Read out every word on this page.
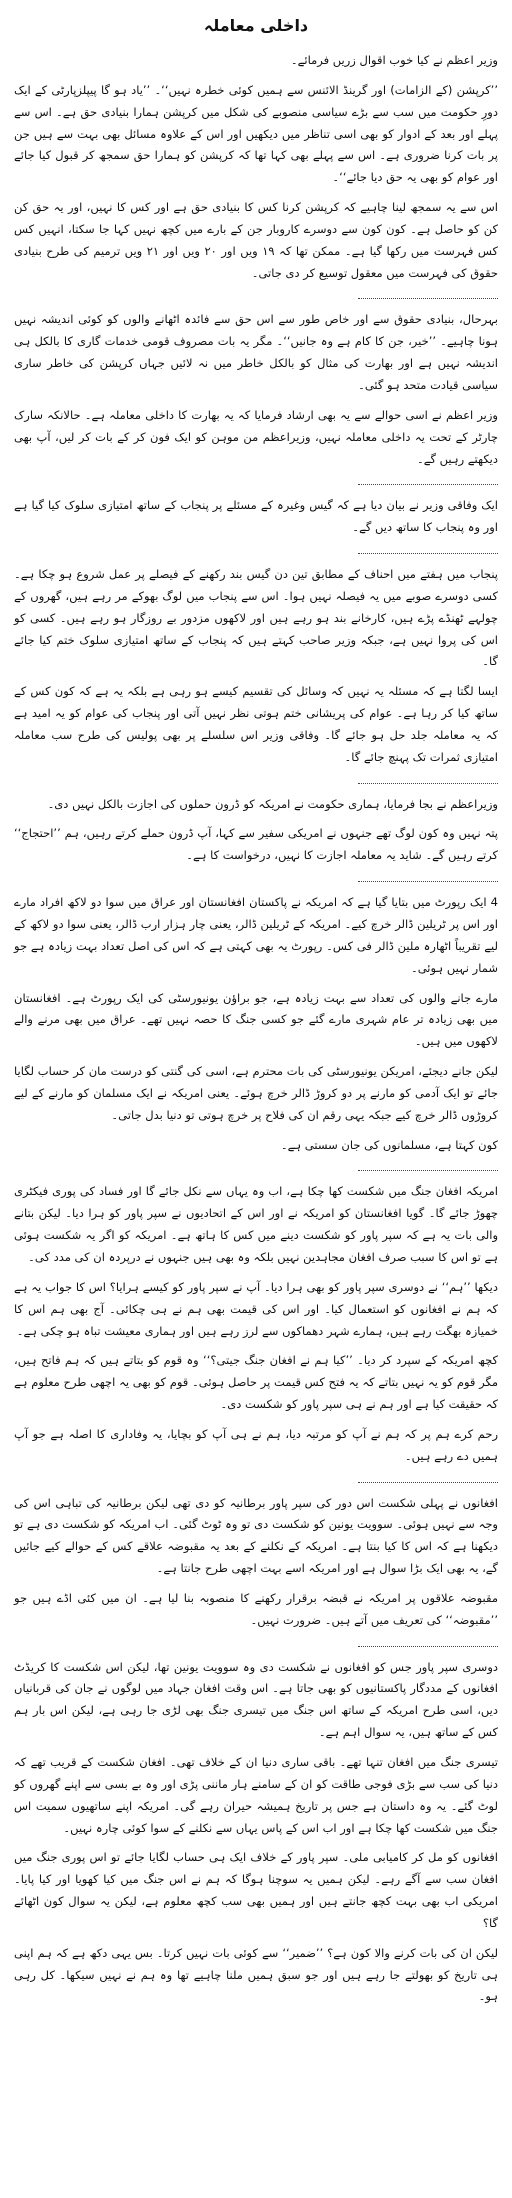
داخلی معاملہ

وزیر اعظم نے کیا خوب اقوال زریں فرمائے۔

’’کرپشن (کے الزامات) اور گرینڈ الائنس سے ہمیں کوئی خطرہ نہیں‘‘۔ ’’یاد ہو گا پیپلزپارٹی کے ایک دورِ حکومت میں سب سے بڑے سیاسی منصوبے کی شکل میں کرپشن ہمارا بنیادی حق ہے۔ اس سے پہلے اور بعد کے ادوار کو بھی اسی تناظر میں دیکھیں اور اس کے علاوہ مسائل بھی بہت سے ہیں جن پر بات کرنا ضروری ہے۔ اس سے پہلے بھی کہا تھا کہ کرپشن کو ہمارا حق سمجھ کر قبول کیا جائے اور عوام کو بھی یہ حق دیا جائے‘‘۔

اس سے یہ سمجھ لینا چاہیے کہ کرپشن کرنا کس کا بنیادی حق ہے اور کس کا نہیں، اور یہ حق کن کن کو حاصل ہے۔ کون کون سے دوسرے کاروبار جن کے بارے میں کچھ نہیں کہا جا سکتا، انہیں کس کس فہرست میں رکھا گیا ہے۔ ممکن تھا کہ ۱۹ ویں اور ۲۰ ویں اور ۲۱ ویں ترمیم کی طرح بنیادی حقوق کی فہرست میں معقول توسیع کر دی جاتی۔

بہرحال، بنیادی حقوق سے اور خاص طور سے اس حق سے فائدہ اٹھانے والوں کو کوئی اندیشہ نہیں ہونا چاہیے۔ ’’خیر، جن کا کام ہے وہ جانیں‘‘۔ مگر یہ بات مصروف قومی خدمات گاری کا بالکل ہی اندیشہ نہیں ہے اور بھارت کی مثال کو بالکل خاطر میں نہ لائیں جہاں کرپشن کی خاطر ساری سیاسی قیادت متحد ہو گئی۔

وزیر اعظم نے اسی حوالے سے یہ بھی ارشاد فرمایا کہ یہ بھارت کا داخلی معاملہ ہے۔ حالانکہ سارک چارٹر کے تحت یہ داخلی معاملہ نہیں، وزیراعظم من موہن کو ایک فون کر کے بات کر لیں، آپ بھی دیکھتے رہیں گے۔

ایک وفاقی وزیر نے بیان دیا ہے کہ گیس وغیرہ کے مسئلے پر پنجاب کے ساتھ امتیازی سلوک کیا گیا ہے اور وہ پنجاب کا ساتھ دیں گے۔

پنجاب میں ہفتے میں احناف کے مطابق تین دن گیس بند رکھنے کے فیصلے پر عمل شروع ہو چکا ہے۔ کسی دوسرے صوبے میں یہ فیصلہ نہیں ہوا۔ اس سے پنجاب میں لوگ بھوکے مر رہے ہیں، گھروں کے چولہے ٹھنڈے پڑے ہیں، کارخانے بند ہو رہے ہیں اور لاکھوں مزدور بے روزگار ہو رہے ہیں۔ کسی کو اس کی پروا نہیں ہے، جبکہ وزیر صاحب کہتے ہیں کہ پنجاب کے ساتھ امتیازی سلوک ختم کیا جائے گا۔

ایسا لگتا ہے کہ مسئلہ یہ نہیں کہ وسائل کی تقسیم کیسے ہو رہی ہے بلکہ یہ ہے کہ کون کس کے ساتھ کیا کر رہا ہے۔ عوام کی پریشانی ختم ہوتی نظر نہیں آتی اور پنجاب کی عوام کو یہ امید ہے کہ یہ معاملہ جلد حل ہو جائے گا۔ وفاقی وزیر اس سلسلے پر بھی پولیس کی طرح سب معاملہ امتیازی ثمرات تک پہنچ جائے گا۔

وزیراعظم نے بجا فرمایا، ہماری حکومت نے امریکہ کو ڈرون حملوں کی اجازت بالکل نہیں دی۔

پتہ نہیں وہ کون لوگ تھے جنہوں نے امریکی سفیر سے کہا، آپ ڈرون حملے کرتے رہیں، ہم ’’احتجاج‘‘ کرتے رہیں گے۔ شاید یہ معاملہ اجازت کا نہیں، درخواست کا ہے۔

4 ایک رپورٹ میں بتایا گیا ہے کہ امریکہ نے پاکستان افغانستان اور عراق میں سوا دو لاکھ افراد مارے اور اس پر ٹریلین ڈالر خرچ کیے۔ امریکہ کے ٹریلین ڈالر، یعنی چار ہزار ارب ڈالر، یعنی سوا دو لاکھ کے لیے تقریباً اٹھارہ ملین ڈالر فی کس۔ رپورٹ یہ بھی کہتی ہے کہ اس کی اصل تعداد بہت زیادہ ہے جو شمار نہیں ہوئی۔

مارے جانے والوں کی تعداد سے بہت زیادہ ہے، جو براؤن یونیورسٹی کی ایک رپورٹ ہے۔ افغانستان میں بھی زیادہ تر عام شہری مارے گئے جو کسی جنگ کا حصہ نہیں تھے۔ عراق میں بھی مرنے والے لاکھوں میں ہیں۔

لیکن جانے دیجئے، امریکن یونیورسٹی کی بات محترم ہے، اسی کی گنتی کو درست مان کر حساب لگایا جائے تو ایک آدمی کو مارنے پر دو کروڑ ڈالر خرچ ہوئے۔ یعنی امریکہ نے ایک مسلمان کو مارنے کے لیے کروڑوں ڈالر خرچ کیے جبکہ یہی رقم ان کی فلاح پر خرچ ہوتی تو دنیا بدل جاتی۔

کون کہتا ہے، مسلمانوں کی جان سستی ہے۔

امریکہ افغان جنگ میں شکست کھا چکا ہے، اب وہ یہاں سے نکل جائے گا اور فساد کی پوری فیکٹری چھوڑ جائے گا۔ گویا افغانستان کو امریکہ نے اور اس کے اتحادیوں نے سپر پاور کو ہرا دیا۔ لیکن بتانے والی بات یہ ہے کہ سپر پاور کو شکست دینے میں کس کا ہاتھ ہے۔ امریکہ کو اگر یہ شکست ہوئی ہے تو اس کا سبب صرف افغان مجاہدین نہیں بلکہ وہ بھی ہیں جنہوں نے درپردہ ان کی مدد کی۔

دیکھا ’’ہم‘‘ نے دوسری سپر پاور کو بھی ہرا دیا۔ آپ نے سپر پاور کو کیسے ہرایا؟ اس کا جواب یہ ہے کہ ہم نے افغانوں کو استعمال کیا۔ اور اس کی قیمت بھی ہم نے ہی چکائی۔ آج بھی ہم اس کا خمیازہ بھگت رہے ہیں، ہمارے شہر دھماکوں سے لرز رہے ہیں اور ہماری معیشت تباہ ہو چکی ہے۔

کچھ امریکہ کے سپرد کر دیا۔ ’’کیا ہم نے افغان جنگ جیتی؟‘‘ وہ قوم کو بتاتے ہیں کہ ہم فاتح ہیں، مگر قوم کو یہ نہیں بتاتے کہ یہ فتح کس قیمت پر حاصل ہوئی۔ قوم کو بھی یہ اچھی طرح معلوم ہے کہ حقیقت کیا ہے اور ہم نے ہی سپر پاور کو شکست دی۔

رحم کرے ہم پر کہ ہم نے آپ کو مرتبہ دیا، ہم نے ہی آپ کو بچایا، یہ وفاداری کا اصلہ ہے جو آپ ہمیں دے رہے ہیں۔

افغانوں نے پہلی شکست اس دور کی سپر پاور برطانیہ کو دی تھی لیکن برطانیہ کی تباہی اس کی وجہ سے نہیں ہوئی۔ سوویت یونین کو شکست دی تو وہ ٹوٹ گئی۔ اب امریکہ کو شکست دی ہے تو دیکھنا ہے کہ اس کا کیا بنتا ہے۔ امریکہ کے نکلنے کے بعد یہ مقبوضہ علاقے کس کے حوالے کیے جائیں گے، یہ بھی ایک بڑا سوال ہے اور امریکہ اسے بہت اچھی طرح جانتا ہے۔

مقبوضہ علاقوں پر امریکہ نے قبضہ برقرار رکھنے کا منصوبہ بنا لیا ہے۔ ان میں کئی اڈے ہیں جو ’’مقبوضہ‘‘ کی تعریف میں آتے ہیں۔ ضرورت نہیں۔

دوسری سپر پاور جس کو افغانوں نے شکست دی وہ سوویت یونین تھا، لیکن اس شکست کا کریڈٹ افغانوں کے مددگار پاکستانیوں کو بھی جاتا ہے۔ اس وقت افغان جہاد میں لوگوں نے جان کی قربانیاں دیں، اسی طرح امریکہ کے ساتھ اس جنگ میں تیسری جنگ بھی لڑی جا رہی ہے، لیکن اس بار ہم کس کے ساتھ ہیں، یہ سوال اہم ہے۔

تیسری جنگ میں افغان تنہا تھے۔ باقی ساری دنیا ان کے خلاف تھی۔ افغان شکست کے قریب تھے کہ دنیا کی سب سے بڑی فوجی طاقت کو ان کے سامنے ہار ماننی پڑی اور وہ بے بسی سے اپنے گھروں کو لوٹ گئے۔ یہ وہ داستان ہے جس پر تاریخ ہمیشہ حیران رہے گی۔ امریکہ اپنے ساتھیوں سمیت اس جنگ میں شکست کھا چکا ہے اور اب اس کے پاس یہاں سے نکلنے کے سوا کوئی چارہ نہیں۔

افغانوں کو مل کر کامیابی ملی۔ سپر پاور کے خلاف ایک ہی حساب لگایا جائے تو اس پوری جنگ میں افغان سب سے آگے رہے۔ لیکن ہمیں یہ سوچنا ہوگا کہ ہم نے اس جنگ میں کیا کھویا اور کیا پایا۔ امریکی اب بھی بہت کچھ جانتے ہیں اور ہمیں بھی سب کچھ معلوم ہے، لیکن یہ سوال کون اٹھائے گا؟

لیکن ان کی بات کرنے والا کون ہے؟ ’’ضمیر‘‘ سے کوئی بات نہیں کرتا۔ بس یہی دکھ ہے کہ ہم اپنی ہی تاریخ کو بھولتے جا رہے ہیں اور جو سبق ہمیں ملنا چاہیے تھا وہ ہم نے نہیں سیکھا۔ کل رہی ہو۔
